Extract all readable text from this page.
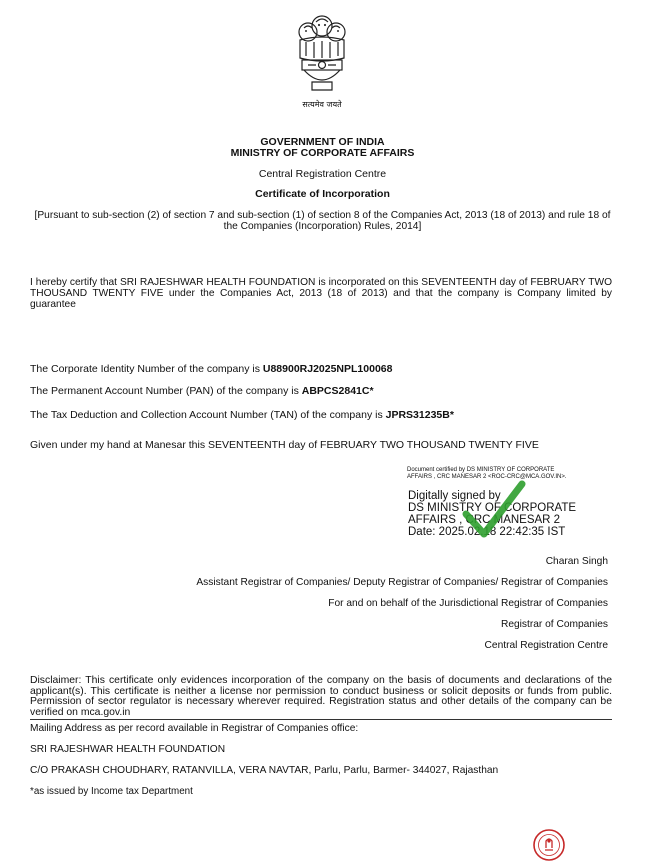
सत्यमेव जयते
GOVERNMENT OF INDIA
MINISTRY OF CORPORATE AFFAIRS
Central Registration Centre
Certificate of Incorporation
[Pursuant to sub-section (2) of section 7 and sub-section (1) of section 8 of the Companies Act, 2013 (18 of 2013) and rule 18 of the Companies (Incorporation) Rules, 2014]
I hereby certify that SRI RAJESHWAR HEALTH FOUNDATION is incorporated on this SEVENTEENTH day of FEBRUARY TWO THOUSAND TWENTY FIVE under the Companies Act, 2013 (18 of 2013) and that the company is Company limited by guarantee
The Corporate Identity Number of the company is U88900RJ2025NPL100068
The Permanent Account Number (PAN) of the company is ABPCS2841C*
The Tax Deduction and Collection Account Number (TAN) of the company is JPRS31235B*
Given under my hand at Manesar this SEVENTEENTH day of FEBRUARY TWO THOUSAND TWENTY FIVE
Document certified by DS MINISTRY OF CORPORATE
AFFAIRS , CRC MANESAR 2 <ROC-CRC@MCA.GOV.IN>.
Digitally signed by
DS MINISTRY OF CORPORATE
AFFAIRS , CRC MANESAR 2
Date: 2025.02.18 22:42:35 IST
Charan Singh
Assistant Registrar of Companies/ Deputy Registrar of Companies/ Registrar of Companies
For and on behalf of the Jurisdictional Registrar of Companies
Registrar of Companies
Central Registration Centre
Disclaimer: This certificate only evidences incorporation of the company on the basis of documents and declarations of the applicant(s). This certificate is neither a license nor permission to conduct business or solicit deposits or funds from public. Permission of sector regulator is necessary wherever required. Registration status and other details of the company can be verified on mca.gov.in
Mailing Address as per record available in Registrar of Companies office:
SRI RAJESHWAR HEALTH FOUNDATION
C/O PRAKASH CHOUDHARY, RATANVILLA, VERA NAVTAR, Parlu, Parlu, Barmer- 344027, Rajasthan
*as issued by Income tax Department
